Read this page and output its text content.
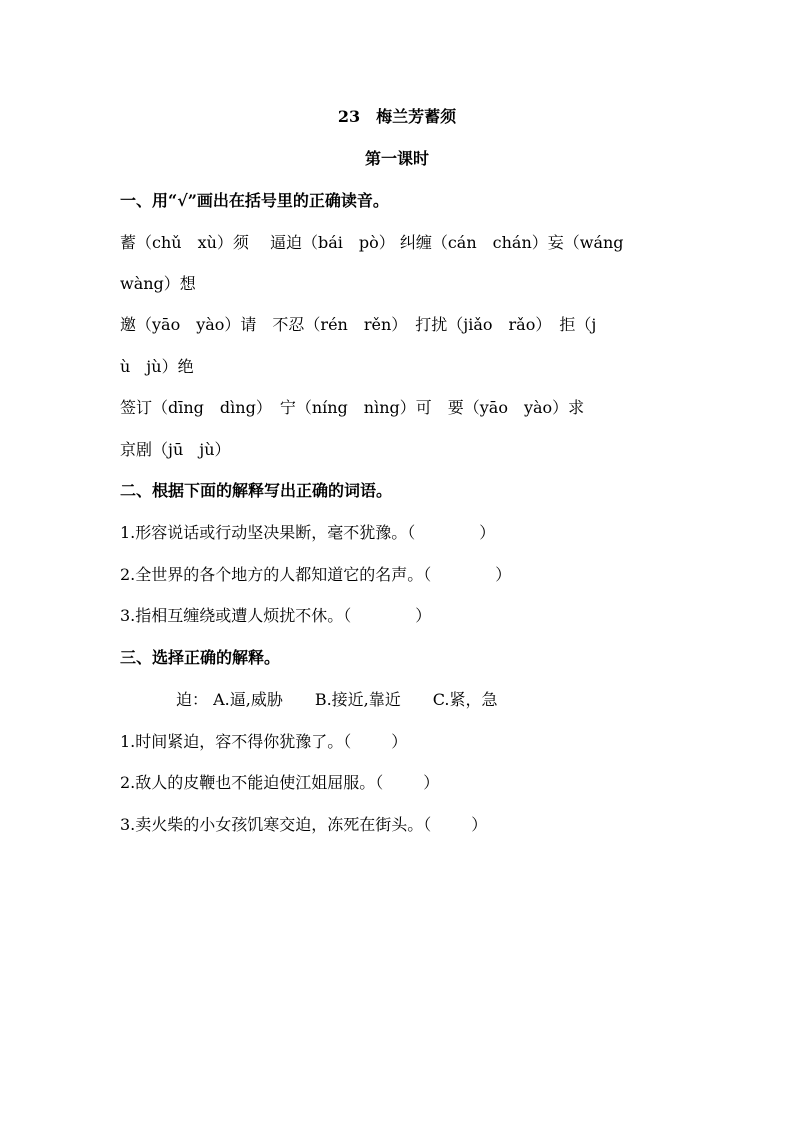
23　梅兰芳蓄须
第一课时
一、用“√”画出在括号里的正确读音。
蓄（chǔ　xù）须　 逼迫（bái　pò） 纠缠（cán　chán）妄（wáng
wàng）想
邀（yāo　yào）请　不忍（rén　rěn）　打扰（jiǎo　rǎo）　拒（j
ù　jù）绝
签订（dīng　dìng）　宁（níng　nìng）可　要（yāo　yào）求
京剧（jū　jù）
二、根据下面的解释写出正确的词语。
1.形容说话或行动坚决果断，毫不犹豫。（	）
2.全世界的各个地方的人都知道它的名声。（	）
3.指相互缠绕或遭人烦扰不休。（	）
三、选择正确的解释。
迫： A.逼,威胁　　B.接近,靠近　　C.紧，急
1.时间紧迫，容不得你犹豫了。（	）
2.敌人的皮鞭也不能迫使江姐屈服。（	）
3.卖火柴的小女孩饥寒交迫，冻死在街头。（	）
